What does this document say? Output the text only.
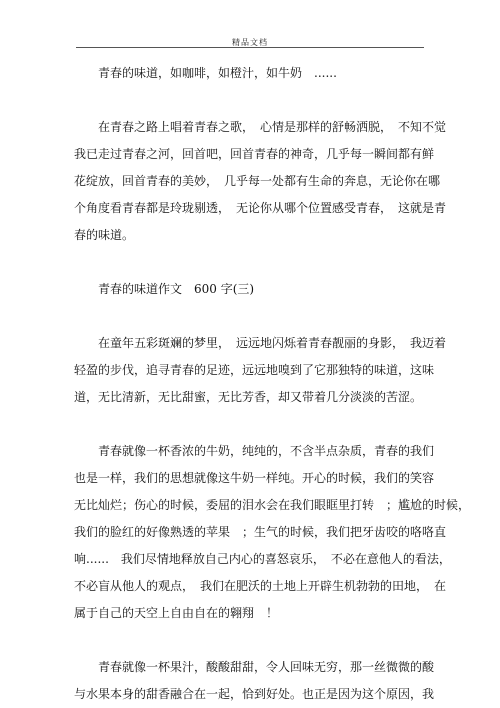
精品文档
青春的味道，如咖啡，如橙汁，如牛奶　......
在青春之路上唱着青春之歌，　心情是那样的舒畅洒脱，　不知不觉
我已走过青春之河，回首吧，回首青春的神奇，几乎每一瞬间都有鲜
花绽放，回首青春的美妙，　几乎每一处都有生命的奔息，无论你在哪
个角度看青春都是玲珑剔透，　无论你从哪个位置感受青春，　这就是青
春的味道。
青春的味道作文　600 字(三)
在童年五彩斑斓的梦里，　远远地闪烁着青春靓丽的身影，　我迈着
轻盈的步伐，追寻青春的足迹，远远地嗅到了它那独特的味道，这味
道，无比清新，无比甜蜜，无比芳香，却又带着几分淡淡的苦涩。
青春就像一杯香浓的牛奶，纯纯的，不含半点杂质，青春的我们
也是一样，我们的思想就像这牛奶一样纯。开心的时候，我们的笑容
无比灿烂；伤心的时候，委屈的泪水会在我们眼眶里打转　；尴尬的时候，
我们的脸红的好像熟透的苹果　；生气的时候，我们把牙齿咬的咯咯直
响......　我们尽情地释放自己内心的喜怒哀乐，　不必在意他人的看法，
不必盲从他人的观点，　我们在肥沃的土地上开辟生机勃勃的田地，　在
属于自己的天空上自由自在的翱翔　！
青春就像一杯果汁，酸酸甜甜，令人回味无穷，那一丝微微的酸
与水果本身的甜香融合在一起，恰到好处。也正是因为这个原因，我
